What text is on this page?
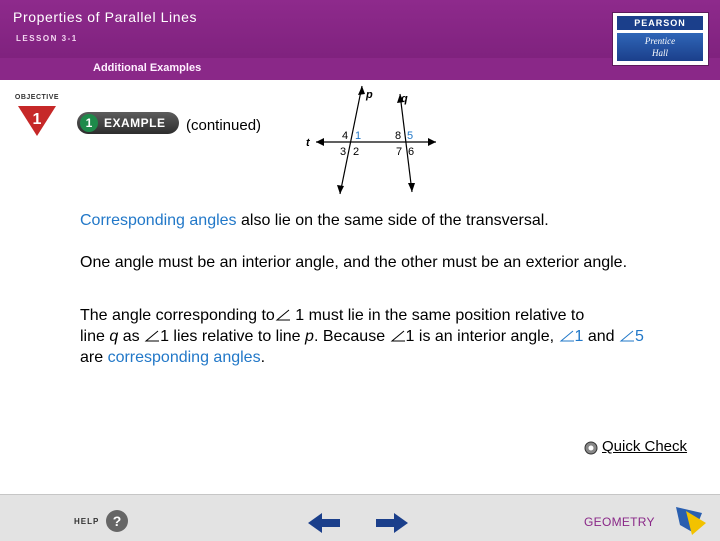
Properties of Parallel Lines
LESSON 3-1
Additional Examples
PEARSON
Prentice
Hall
OBJECTIVE
1	1 EXAMPLE (continued)
p	q
t
4 1
3 2
8 5
7 6
Corresponding angles also lie on the same side of the transversal.
One angle must be an interior angle, and the other must be an exterior angle.
The angle corresponding to 1 must lie in the same position relative to
line q as 1 lies relative to line p. Because 1 is an interior angle, 1 and 5
are corresponding angles.
Quick Check
HELP ?	GEOMETRY
